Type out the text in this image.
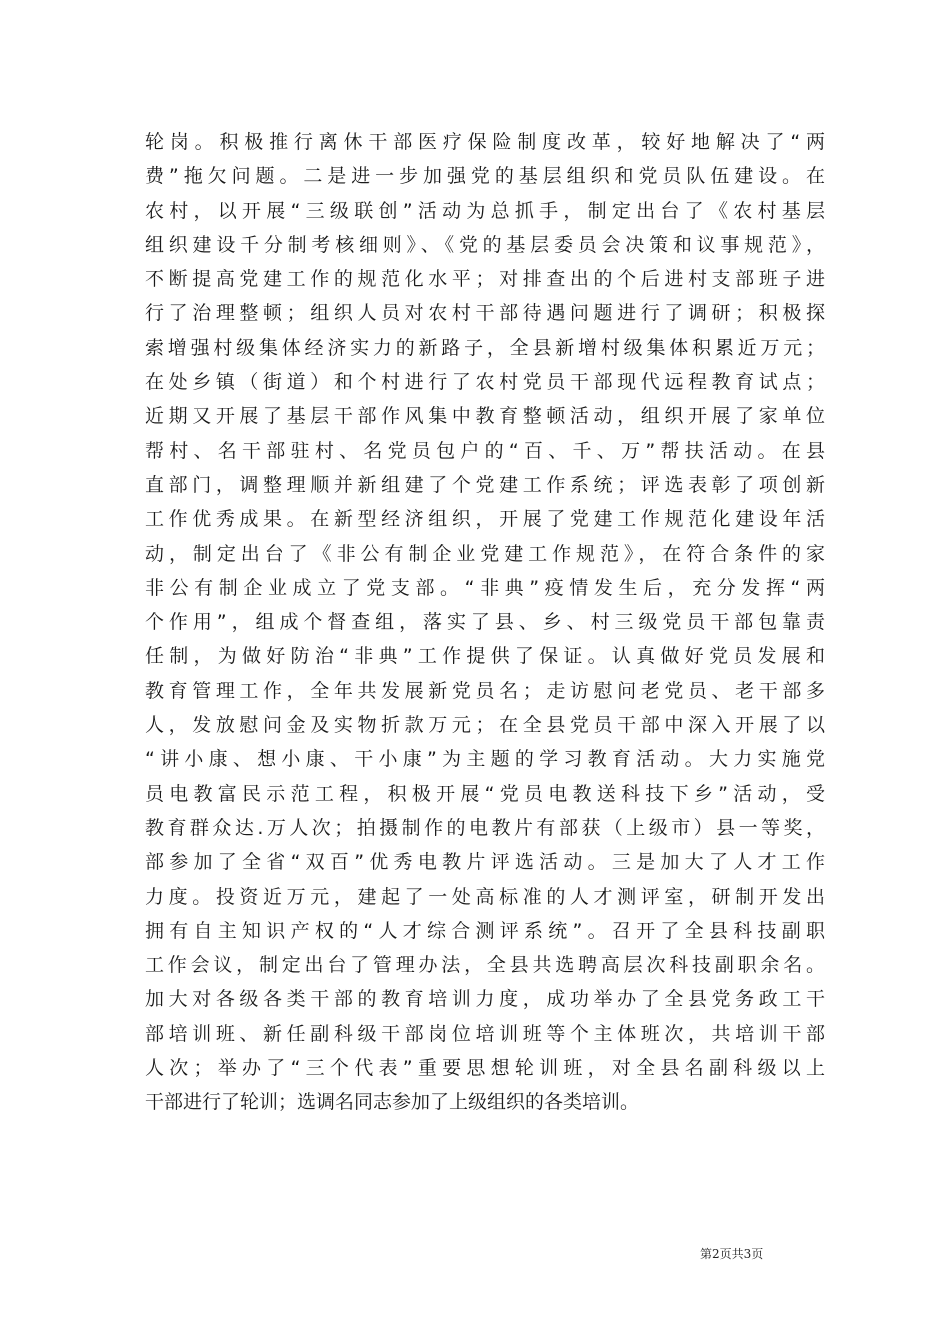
轮岗。积极推行离休干部医疗保险制度改革，较好地解决了“两
费”拖欠问题。二是进一步加强党的基层组织和党员队伍建设。在
农村，以开展“三级联创”活动为总抓手，制定出台了《农村基层
组织建设千分制考核细则》、《党的基层委员会决策和议事规范》，
不断提高党建工作的规范化水平；对排查出的个后进村支部班子进
行了治理整顿；组织人员对农村干部待遇问题进行了调研；积极探
索增强村级集体经济实力的新路子，全县新增村级集体积累近万元；
在处乡镇（街道）和个村进行了农村党员干部现代远程教育试点；
近期又开展了基层干部作风集中教育整顿活动，组织开展了家单位
帮村、名干部驻村、名党员包户的“百、千、万”帮扶活动。在县
直部门，调整理顺并新组建了个党建工作系统；评选表彰了项创新
工作优秀成果。在新型经济组织，开展了党建工作规范化建设年活
动，制定出台了《非公有制企业党建工作规范》，在符合条件的家
非公有制企业成立了党支部。“非典”疫情发生后，充分发挥“两
个作用”，组成个督查组，落实了县、乡、村三级党员干部包靠责
任制，为做好防治“非典”工作提供了保证。认真做好党员发展和
教育管理工作，全年共发展新党员名；走访慰问老党员、老干部多
人，发放慰问金及实物折款万元；在全县党员干部中深入开展了以
“讲小康、想小康、干小康”为主题的学习教育活动。大力实施党
员电教富民示范工程，积极开展“党员电教送科技下乡”活动，受
教育群众达.万人次；拍摄制作的电教片有部获（上级市）县一等奖，
部参加了全省“双百”优秀电教片评选活动。三是加大了人才工作
力度。投资近万元，建起了一处高标准的人才测评室，研制开发出
拥有自主知识产权的“人才综合测评系统”。召开了全县科技副职
工作会议，制定出台了管理办法，全县共选聘高层次科技副职余名。
加大对各级各类干部的教育培训力度，成功举办了全县党务政工干
部培训班、新任副科级干部岗位培训班等个主体班次，共培训干部
人次；举办了“三个代表”重要思想轮训班，对全县名副科级以上
干部进行了轮训；选调名同志参加了上级组织的各类培训。
第2页共3页
